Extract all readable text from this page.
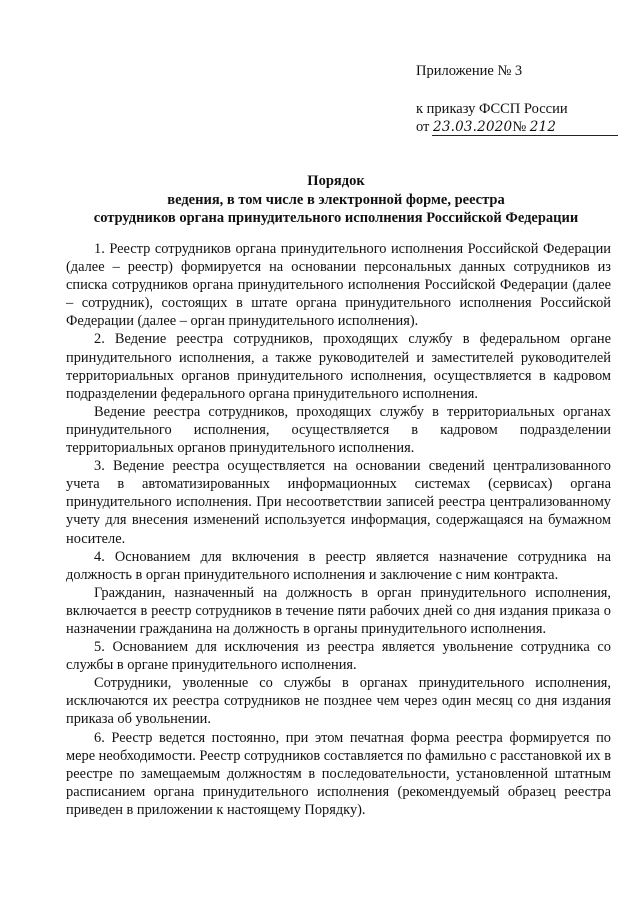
Приложение № 3
к приказу ФССП России
от 23.03.2020№ 212
Порядок
ведения, в том числе в электронной форме, реестра
сотрудников органа принудительного исполнения Российской Федерации

1. Реестр сотрудников органа принудительного исполнения Российской Федерации (далее – реестр) формируется на основании персональных данных сотрудников из списка сотрудников органа принудительного исполнения Российской Федерации (далее – сотрудник), состоящих в штате органа принудительного исполнения Российской Федерации (далее – орган принудительного исполнения).

2. Ведение реестра сотрудников, проходящих службу в федеральном органе принудительного исполнения, а также руководителей и заместителей руководителей территориальных органов принудительного исполнения, осуществляется в кадровом подразделении федерального органа принудительного исполнения.

Ведение реестра сотрудников, проходящих службу в территориальных органах принудительного исполнения, осуществляется в кадровом подразделении территориальных органов принудительного исполнения.

3. Ведение реестра осуществляется на основании сведений централизованного учета в автоматизированных информационных системах (сервисах) органа принудительного исполнения. При несоответствии записей реестра централизованному учету для внесения изменений используется информация, содержащаяся на бумажном носителе.

4. Основанием для включения в реестр является назначение сотрудника на должность в орган принудительного исполнения и заключение с ним контракта.

Гражданин, назначенный на должность в орган принудительного исполнения, включается в реестр сотрудников в течение пяти рабочих дней со дня издания приказа о назначении гражданина на должность в органы принудительного исполнения.

5. Основанием для исключения из реестра является увольнение сотрудника со службы в органе принудительного исполнения.

Сотрудники, уволенные со службы в органах принудительного исполнения, исключаются их реестра сотрудников не позднее чем через один месяц со дня издания приказа об увольнении.

6. Реестр ведется постоянно, при этом печатная форма реестра формируется по мере необходимости. Реестр сотрудников составляется по фамильно с расстановкой их в реестре по замещаемым должностям в последовательности, установленной штатным расписанием органа принудительного исполнения (рекомендуемый образец реестра приведен в приложении к настоящему Порядку).
